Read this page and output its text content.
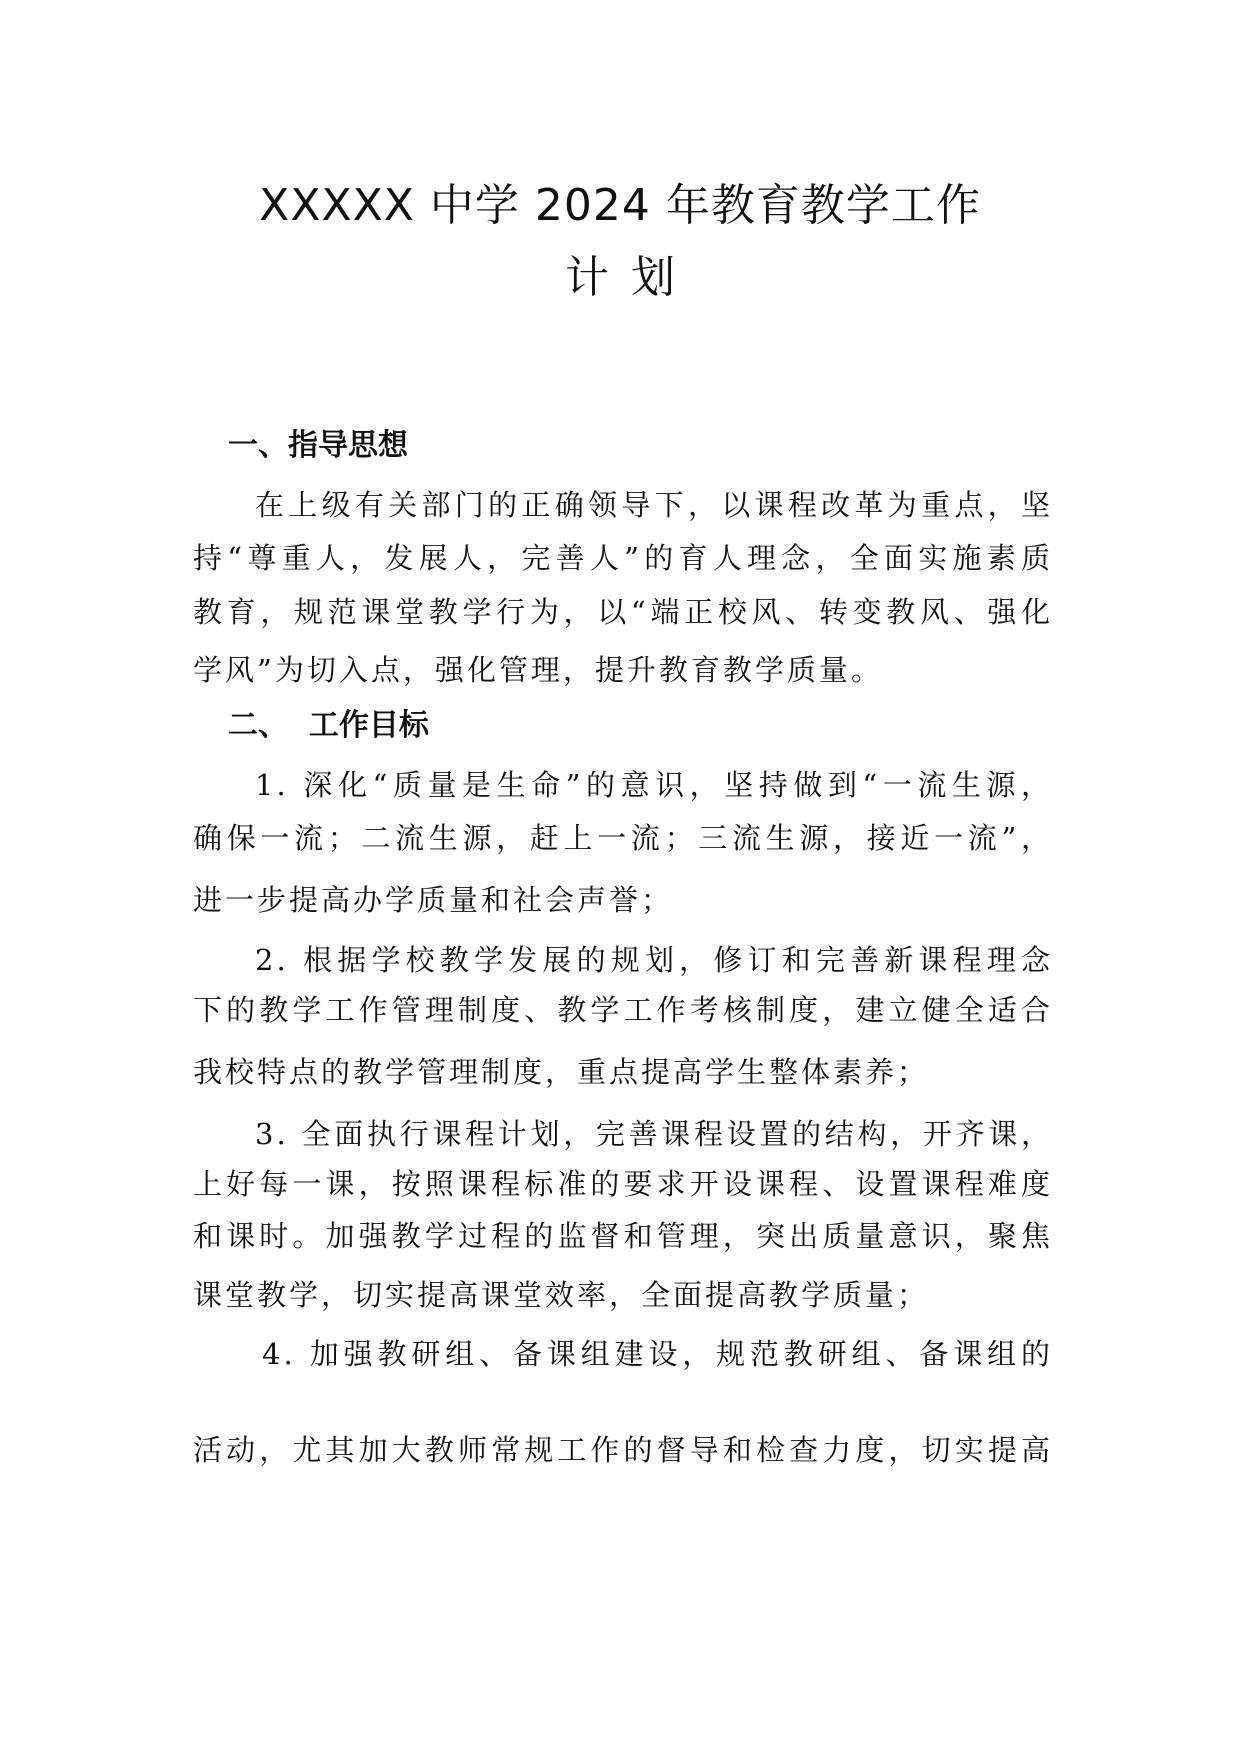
XXXXX 中学 2024 年教育教学工作
计划
一、指导思想
在上级有关部门的正确领导下，以课程改革为重点，坚
持“尊重人，发展人，完善人”的育人理念，全面实施素质
教育，规范课堂教学行为，以“端正校风、转变教风、强化
学风”为切入点，强化管理，提升教育教学质量。
二、  工作目标
1. 深化“质量是生命”的意识，坚持做到“一流生源，
确保一流；二流生源，赶上一流；三流生源，接近一流”，
进一步提高办学质量和社会声誉；
2. 根据学校教学发展的规划，修订和完善新课程理念
下的教学工作管理制度、教学工作考核制度，建立健全适合
我校特点的教学管理制度，重点提高学生整体素养；
3. 全面执行课程计划，完善课程设置的结构，开齐课，
上好每一课，按照课程标准的要求开设课程、设置课程难度
和课时。加强教学过程的监督和管理，突出质量意识，聚焦
课堂教学，切实提高课堂效率，全面提高教学质量；
4. 加强教研组、备课组建设，规范教研组、备课组的
活动，尤其加大教师常规工作的督导和检查力度，切实提高
